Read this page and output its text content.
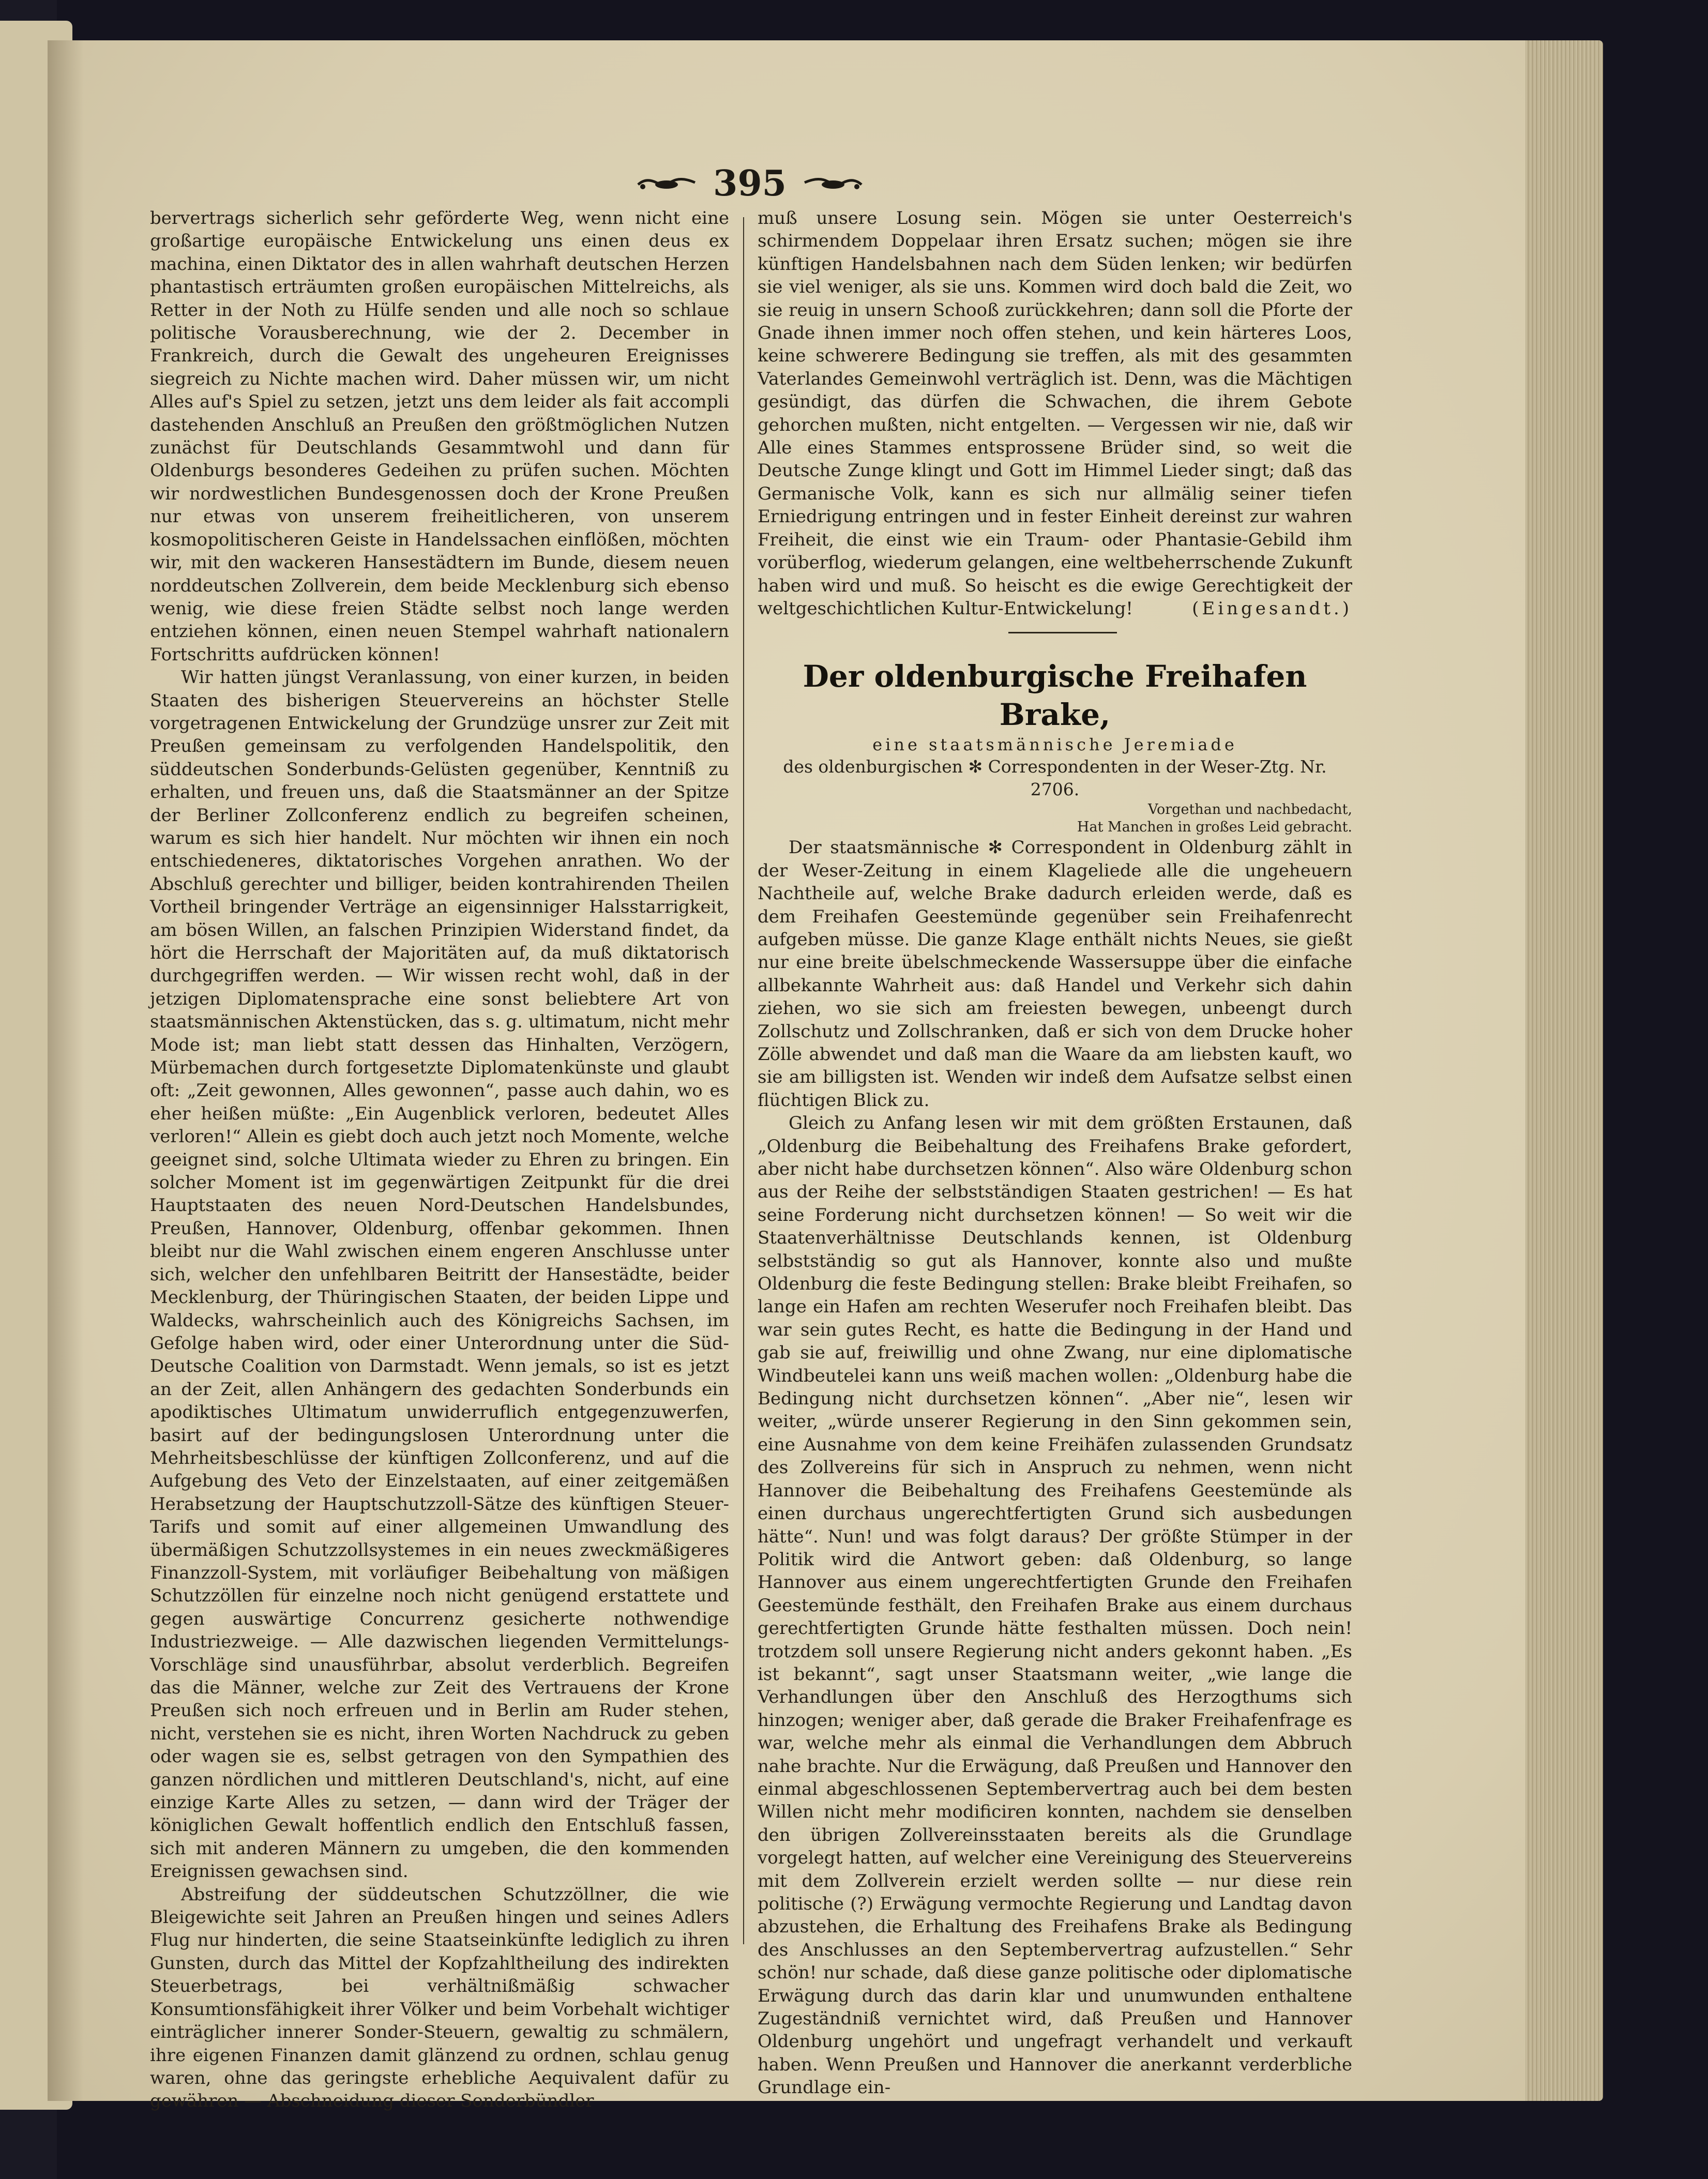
395

bervertrags sicherlich sehr geförderte Weg, wenn nicht eine großartige europäische Entwickelung uns einen deus ex machina, einen Diktator des in allen wahrhaft deutschen Herzen phantastisch erträumten großen europäischen Mittelreichs, als Retter in der Noth zu Hülfe senden und alle noch so schlaue politische Vorausberechnung, wie der 2. December in Frankreich, durch die Gewalt des ungeheuren Ereignisses siegreich zu Nichte machen wird. Daher müssen wir, um nicht Alles auf's Spiel zu setzen, jetzt uns dem leider als fait accompli dastehenden Anschluß an Preußen den größtmöglichen Nutzen zunächst für Deutschlands Gesammtwohl und dann für Oldenburgs besonderes Gedeihen zu prüfen suchen. Möchten wir nordwestlichen Bundesgenossen doch der Krone Preußen nur etwas von unserem freiheitlicheren, von unserem kosmopolitischeren Geiste in Handelssachen einflößen, möchten wir, mit den wackeren Hansestädtern im Bunde, diesem neuen norddeutschen Zollverein, dem beide Mecklenburg sich ebenso wenig, wie diese freien Städte selbst noch lange werden entziehen können, einen neuen Stempel wahrhaft nationalern Fortschritts aufdrücken können!

Wir hatten jüngst Veranlassung, von einer kurzen, in beiden Staaten des bisherigen Steuervereins an höchster Stelle vorgetragenen Entwickelung der Grundzüge unsrer zur Zeit mit Preußen gemeinsam zu verfolgenden Handelspolitik, den süddeutschen Sonderbunds-Gelüsten gegenüber, Kenntniß zu erhalten, und freuen uns, daß die Staatsmänner an der Spitze der Berliner Zollconferenz endlich zu begreifen scheinen, warum es sich hier handelt. Nur möchten wir ihnen ein noch entschiedeneres, diktatorisches Vorgehen anrathen. Wo der Abschluß gerechter und billiger, beiden kontrahirenden Theilen Vortheil bringender Verträge an eigensinniger Halsstarrigkeit, am bösen Willen, an falschen Prinzipien Widerstand findet, da hört die Herrschaft der Majoritäten auf, da muß diktatorisch durchgegriffen werden. — Wir wissen recht wohl, daß in der jetzigen Diplomatensprache eine sonst beliebtere Art von staatsmännischen Aktenstücken, das s. g. ultimatum, nicht mehr Mode ist; man liebt statt dessen das Hinhalten, Verzögern, Mürbemachen durch fortgesetzte Diplomatenkünste und glaubt oft: „Zeit gewonnen, Alles gewonnen“, passe auch dahin, wo es eher heißen müßte: „Ein Augenblick verloren, bedeutet Alles verloren!“ Allein es giebt doch auch jetzt noch Momente, welche geeignet sind, solche Ultimata wieder zu Ehren zu bringen. Ein solcher Moment ist im gegenwärtigen Zeitpunkt für die drei Hauptstaaten des neuen Nord-Deutschen Handelsbundes, Preußen, Hannover, Oldenburg, offenbar gekommen. Ihnen bleibt nur die Wahl zwischen einem engeren Anschlusse unter sich, welcher den unfehlbaren Beitritt der Hansestädte, beider Mecklenburg, der Thüringischen Staaten, der beiden Lippe und Waldecks, wahrscheinlich auch des Königreichs Sachsen, im Gefolge haben wird, oder einer Unterordnung unter die Süd-Deutsche Coalition von Darmstadt. Wenn jemals, so ist es jetzt an der Zeit, allen Anhängern des gedachten Sonderbunds ein apodiktisches Ultimatum unwiderruflich entgegenzuwerfen, basirt auf der bedingungslosen Unterordnung unter die Mehrheitsbeschlüsse der künftigen Zollconferenz, und auf die Aufgebung des Veto der Einzelstaaten, auf einer zeitgemäßen Herabsetzung der Hauptschutzzoll-Sätze des künftigen Steuer-Tarifs und somit auf einer allgemeinen Umwandlung des übermäßigen Schutzzollsystemes in ein neues zweckmäßigeres Finanzzoll-System, mit vorläufiger Beibehaltung von mäßigen Schutzzöllen für einzelne noch nicht genügend erstattete und gegen auswärtige Concurrenz gesicherte nothwendige Industriezweige. — Alle dazwischen liegenden Vermittelungs-Vorschläge sind unausführbar, absolut verderblich. Begreifen das die Männer, welche zur Zeit des Vertrauens der Krone Preußen sich noch erfreuen und in Berlin am Ruder stehen, nicht, verstehen sie es nicht, ihren Worten Nachdruck zu geben oder wagen sie es, selbst getragen von den Sympathien des ganzen nördlichen und mittleren Deutschland's, nicht, auf eine einzige Karte Alles zu setzen, — dann wird der Träger der königlichen Gewalt hoffentlich endlich den Entschluß fassen, sich mit anderen Männern zu umgeben, die den kommenden Ereignissen gewachsen sind.

Abstreifung der süddeutschen Schutzzöllner, die wie Bleigewichte seit Jahren an Preußen hingen und seines Adlers Flug nur hinderten, die seine Staatseinkünfte lediglich zu ihren Gunsten, durch das Mittel der Kopfzahltheilung des indirekten Steuerbetrags, bei verhältnißmäßig schwacher Konsumtionsfähigkeit ihrer Völker und beim Vorbehalt wichtiger einträglicher innerer Sonder-Steuern, gewaltig zu schmälern, ihre eigenen Finanzen damit glänzend zu ordnen, schlau genug waren, ohne das geringste erhebliche Aequivalent dafür zu gewähren — Abschneidung dieser Sonderbündler

muß unsere Losung sein. Mögen sie unter Oesterreich's schirmendem Doppelaar ihren Ersatz suchen; mögen sie ihre künftigen Handelsbahnen nach dem Süden lenken; wir bedürfen sie viel weniger, als sie uns. Kommen wird doch bald die Zeit, wo sie reuig in unsern Schooß zurückkehren; dann soll die Pforte der Gnade ihnen immer noch offen stehen, und kein härteres Loos, keine schwerere Bedingung sie treffen, als mit des gesammten Vaterlandes Gemeinwohl verträglich ist. Denn, was die Mächtigen gesündigt, das dürfen die Schwachen, die ihrem Gebote gehorchen mußten, nicht entgelten. — Vergessen wir nie, daß wir Alle eines Stammes entsprossene Brüder sind, so weit die Deutsche Zunge klingt und Gott im Himmel Lieder singt; daß das Germanische Volk, kann es sich nur allmälig seiner tiefen Erniedrigung entringen und in fester Einheit dereinst zur wahren Freiheit, die einst wie ein Traum- oder Phantasie-Gebild ihm vorüberflog, wiederum gelangen, eine weltbeherrschende Zukunft haben wird und muß. So heischt es die ewige Gerechtigkeit der weltgeschichtlichen Kultur-Entwickelung!	(Eingesandt.)

Der oldenburgische Freihafen Brake,
eine staatsmännische Jeremiade
des oldenburgischen ✻ Correspondenten in der Weser-Ztg. Nr. 2706.
Vorgethan und nachbedacht,
Hat Manchen in großes Leid gebracht.

Der staatsmännische ✻ Correspondent in Oldenburg zählt in der Weser-Zeitung in einem Klageliede alle die ungeheuern Nachtheile auf, welche Brake dadurch erleiden werde, daß es dem Freihafen Geestemünde gegenüber sein Freihafenrecht aufgeben müsse. Die ganze Klage enthält nichts Neues, sie gießt nur eine breite übelschmeckende Wassersuppe über die einfache allbekannte Wahrheit aus: daß Handel und Verkehr sich dahin ziehen, wo sie sich am freiesten bewegen, unbeengt durch Zollschutz und Zollschranken, daß er sich von dem Drucke hoher Zölle abwendet und daß man die Waare da am liebsten kauft, wo sie am billigsten ist. Wenden wir indeß dem Aufsatze selbst einen flüchtigen Blick zu.

Gleich zu Anfang lesen wir mit dem größten Erstaunen, daß „Oldenburg die Beibehaltung des Freihafens Brake gefordert, aber nicht habe durchsetzen können“. Also wäre Oldenburg schon aus der Reihe der selbstständigen Staaten gestrichen! — Es hat seine Forderung nicht durchsetzen können! — So weit wir die Staatenverhältnisse Deutschlands kennen, ist Oldenburg selbstständig so gut als Hannover, konnte also und mußte Oldenburg die feste Bedingung stellen: Brake bleibt Freihafen, so lange ein Hafen am rechten Weserufer noch Freihafen bleibt. Das war sein gutes Recht, es hatte die Bedingung in der Hand und gab sie auf, freiwillig und ohne Zwang, nur eine diplomatische Windbeutelei kann uns weiß machen wollen: „Oldenburg habe die Bedingung nicht durchsetzen können“. „Aber nie“, lesen wir weiter, „würde unserer Regierung in den Sinn gekommen sein, eine Ausnahme von dem keine Freihäfen zulassenden Grundsatz des Zollvereins für sich in Anspruch zu nehmen, wenn nicht Hannover die Beibehaltung des Freihafens Geestemünde als einen durchaus ungerechtfertigten Grund sich ausbedungen hätte“. Nun! und was folgt daraus? Der größte Stümper in der Politik wird die Antwort geben: daß Oldenburg, so lange Hannover aus einem ungerechtfertigten Grunde den Freihafen Geestemünde festhält, den Freihafen Brake aus einem durchaus gerechtfertigten Grunde hätte festhalten müssen. Doch nein! trotzdem soll unsere Regierung nicht anders gekonnt haben. „Es ist bekannt“, sagt unser Staatsmann weiter, „wie lange die Verhandlungen über den Anschluß des Herzogthums sich hinzogen; weniger aber, daß gerade die Braker Freihafenfrage es war, welche mehr als einmal die Verhandlungen dem Abbruch nahe brachte. Nur die Erwägung, daß Preußen und Hannover den einmal abgeschlossenen Septembervertrag auch bei dem besten Willen nicht mehr modificiren konnten, nachdem sie denselben den übrigen Zollvereinsstaaten bereits als die Grundlage vorgelegt hatten, auf welcher eine Vereinigung des Steuervereins mit dem Zollverein erzielt werden sollte — nur diese rein politische (?) Erwägung vermochte Regierung und Landtag davon abzustehen, die Erhaltung des Freihafens Brake als Bedingung des Anschlusses an den Septembervertrag aufzustellen.“ Sehr schön! nur schade, daß diese ganze politische oder diplomatische Erwägung durch das darin klar und unumwunden enthaltene Zugeständniß vernichtet wird, daß Preußen und Hannover Oldenburg ungehört und ungefragt verhandelt und verkauft haben. Wenn Preußen und Hannover die anerkannt verderbliche Grundlage ein-
